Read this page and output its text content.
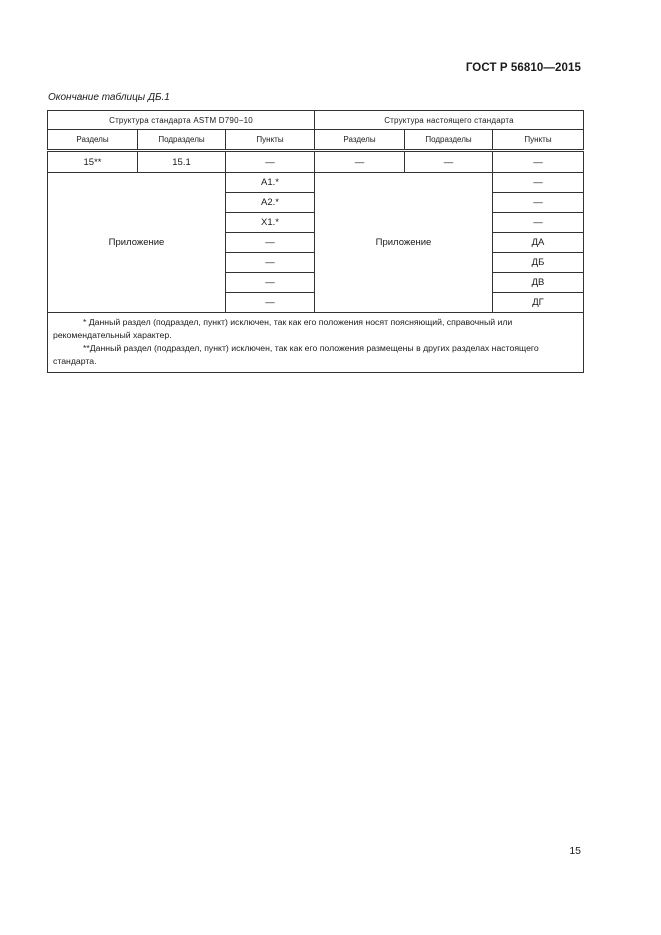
ГОСТ Р 56810—2015
Окончание таблицы ДБ.1
Структура стандарта ASTM D790−10			Структура настоящего стандарта		
Разделы	Подразделы	Пункты	Разделы	Подразделы	Пункты

15**	15.1	—	—	—	—
Приложение		A1.*	Приложение		—
		A2.*			—
		X1.*			—
		—			ДА
		—			ДБ
		—			ДВ
		—			ДГ

* Данный раздел (подраздел, пункт) исключен, так как его положения носят поясняющий, справочный или рекомендательный характер.

**Данный раздел (подраздел, пункт) исключен, так как его положения размещены в других разделах настоящего стандарта.					

15
